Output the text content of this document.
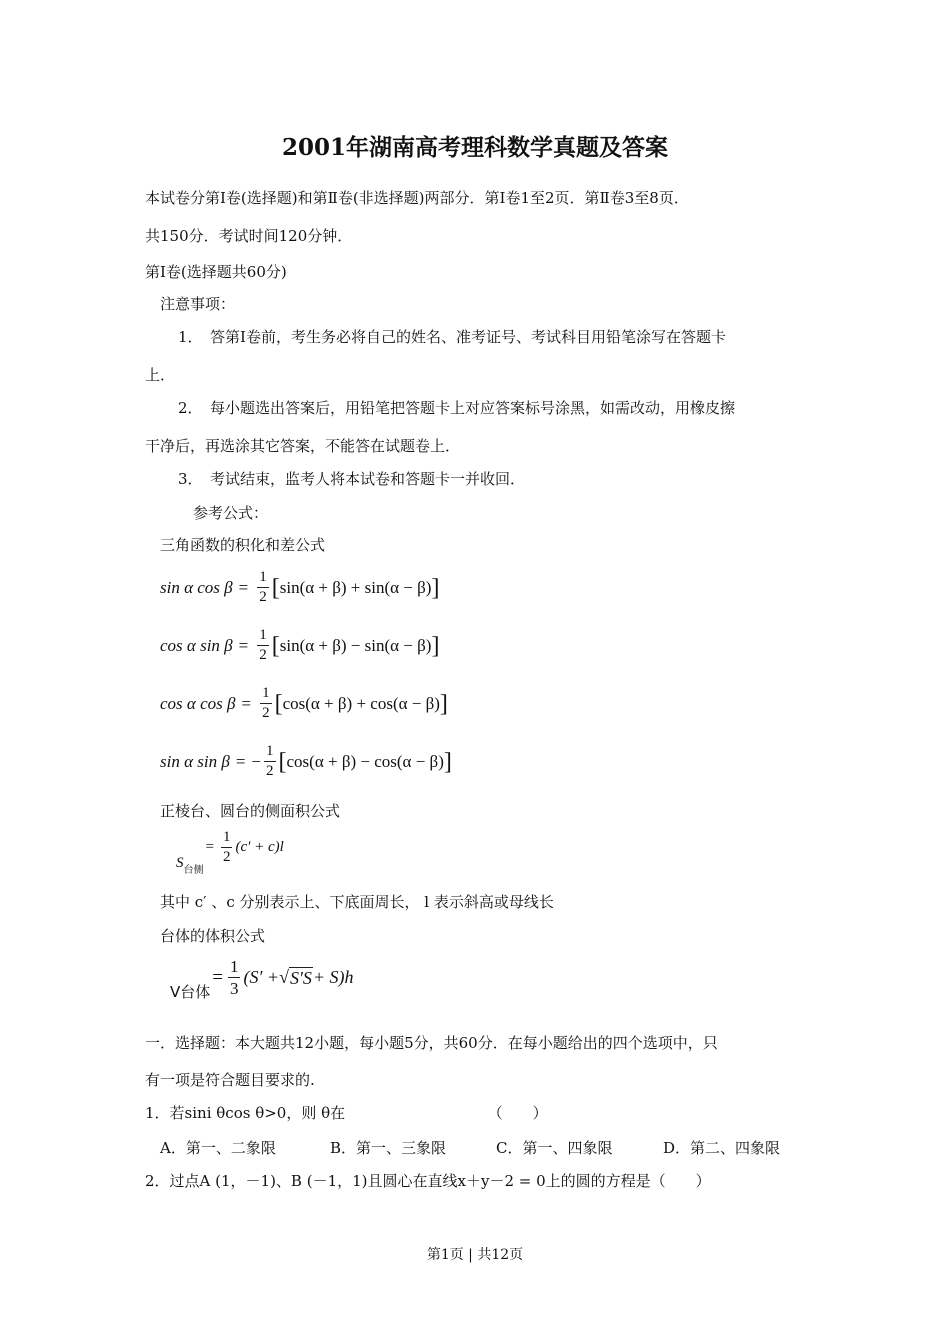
2001年湖南高考理科数学真题及答案
本试卷分第Ⅰ卷(选择题)和第Ⅱ卷(非选择题)两部分．第Ⅰ卷1至2页．第Ⅱ卷3至8页．
共150分．考试时间120分钟．
第Ⅰ卷(选择题共60分)
注意事项：
1．　答第Ⅰ卷前，考生务必将自己的姓名、准考证号、考试科目用铅笔涂写在答题卡
上．
2．　每小题选出答案后，用铅笔把答题卡上对应答案标号涂黑，如需改动，用橡皮擦
干净后，再选涂其它答案，不能答在试题卷上．
3．　考试结束，监考人将本试卷和答题卡一并收回．
参考公式：
三角函数的积化和差公式
sin α $\cos \beta = \frac{1}{2}$ [ sin(α + β) + sin(α − β) ]
cos α $\sin \beta = \frac{1}{2}$ [ sin(α + β) − sin(α − β) ]
cos α $\cos \beta = \frac{1}{2}$ [ cos(α + β) + cos(α − β) ]
sin α sin β = − $\frac{1}{2}$ [ cos(α + β) − cos(α − β) ]
正棱台、圆台的侧面积公式
$S_{台侧}$
= $\frac{1}{2} (c' + c)l$
其中 c′ 、c 分别表示上、下底面周长， l 表示斜高或母线长
台体的体积公式
V台体
= $\frac{1}{3} (S'$ + √ S′S + S)h
一．选择题：本大题共12小题，每小题5分，共60分．在每小题给出的四个选项中，只
有一项是符合题目要求的.
1．若sini θcos θ>0，则 θ在　　　　　　　　　　（　　）
A．第一、二象限	B．第一、三象限	C．第一、四象限	D．第二、四象限
2．过点A (1，－1)、B (－1，1)且圆心在直线x＋y－2 = 0上的圆的方程是（　　）
第1页 | 共12页
